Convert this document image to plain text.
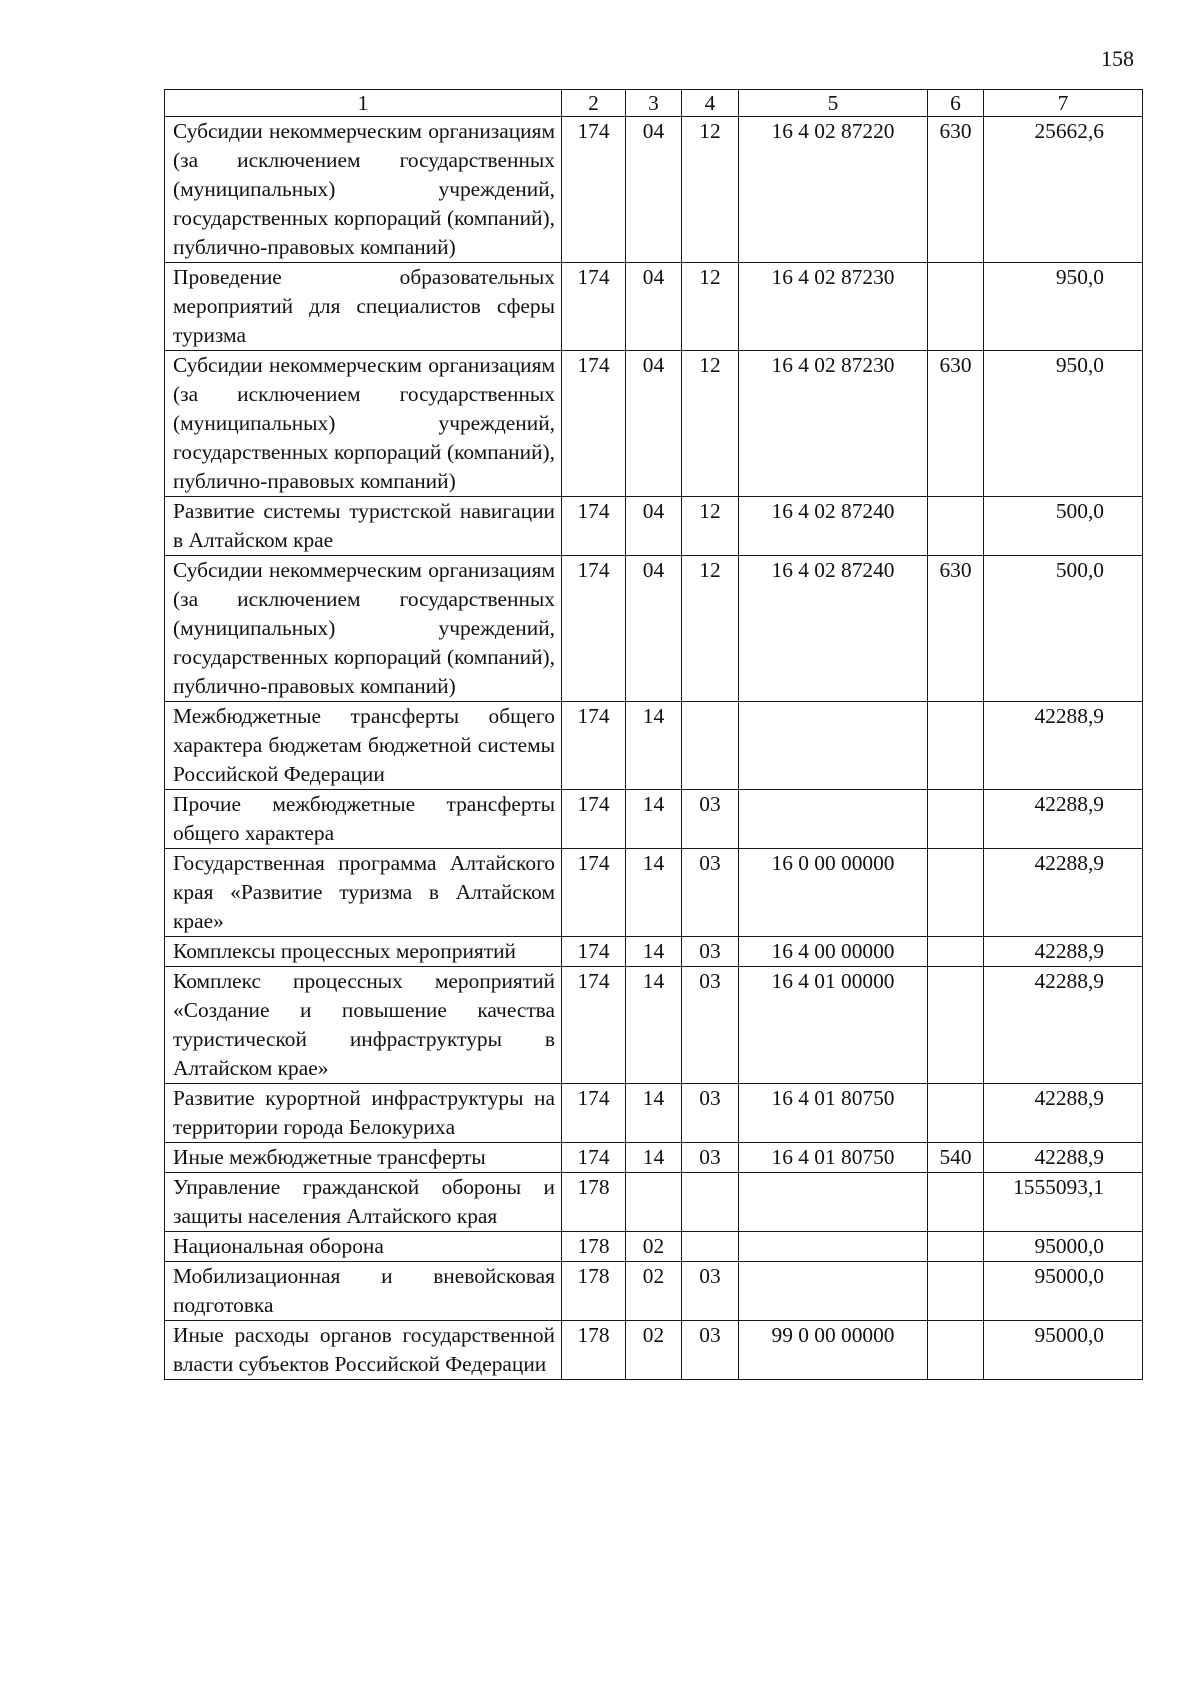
158
1	2	3	4	5	6	7
Субсидии некоммерческим организациям (за исключением государственных (муниципальных) учреждений, государственных корпораций (компаний), публично-правовых компаний)	174	04	12	16 4 02 87220	630	25662,6
Проведение образовательных мероприятий для специалистов сферы туризма	174	04	12	16 4 02 87230		950,0
Субсидии некоммерческим организациям (за исключением государственных (муниципальных) учреждений, государственных корпораций (компаний), публично-правовых компаний)	174	04	12	16 4 02 87230	630	950,0
Развитие системы туристской навигации в Алтайском крае	174	04	12	16 4 02 87240		500,0
Субсидии некоммерческим организациям (за исключением государственных (муниципальных) учреждений, государственных корпораций (компаний), публично-правовых компаний)	174	04	12	16 4 02 87240	630	500,0
Межбюджетные трансферты общего характера бюджетам бюджетной системы Российской Федерации	174	14				42288,9
Прочие межбюджетные трансферты общего характера	174	14	03			42288,9
Государственная программа Алтайского края «Развитие туризма в Алтайском крае»	174	14	03	16 0 00 00000		42288,9
Комплексы процессных мероприятий	174	14	03	16 4 00 00000		42288,9
Комплекс процессных мероприятий «Создание и повышение качества туристической инфраструктуры в Алтайском крае»	174	14	03	16 4 01 00000		42288,9
Развитие курортной инфраструктуры на территории города Белокурихa	174	14	03	16 4 01 80750		42288,9
Иные межбюджетные трансферты	174	14	03	16 4 01 80750	540	42288,9
Управление гражданской обороны и защиты населения Алтайского края	178					1555093,1
Национальная оборона	178	02				95000,0
Мобилизационная и вневойсковая подготовка	178	02	03			95000,0
Иные расходы органов государственной власти субъектов Российской Федерации	178	02	03	99 0 00 00000		95000,0
